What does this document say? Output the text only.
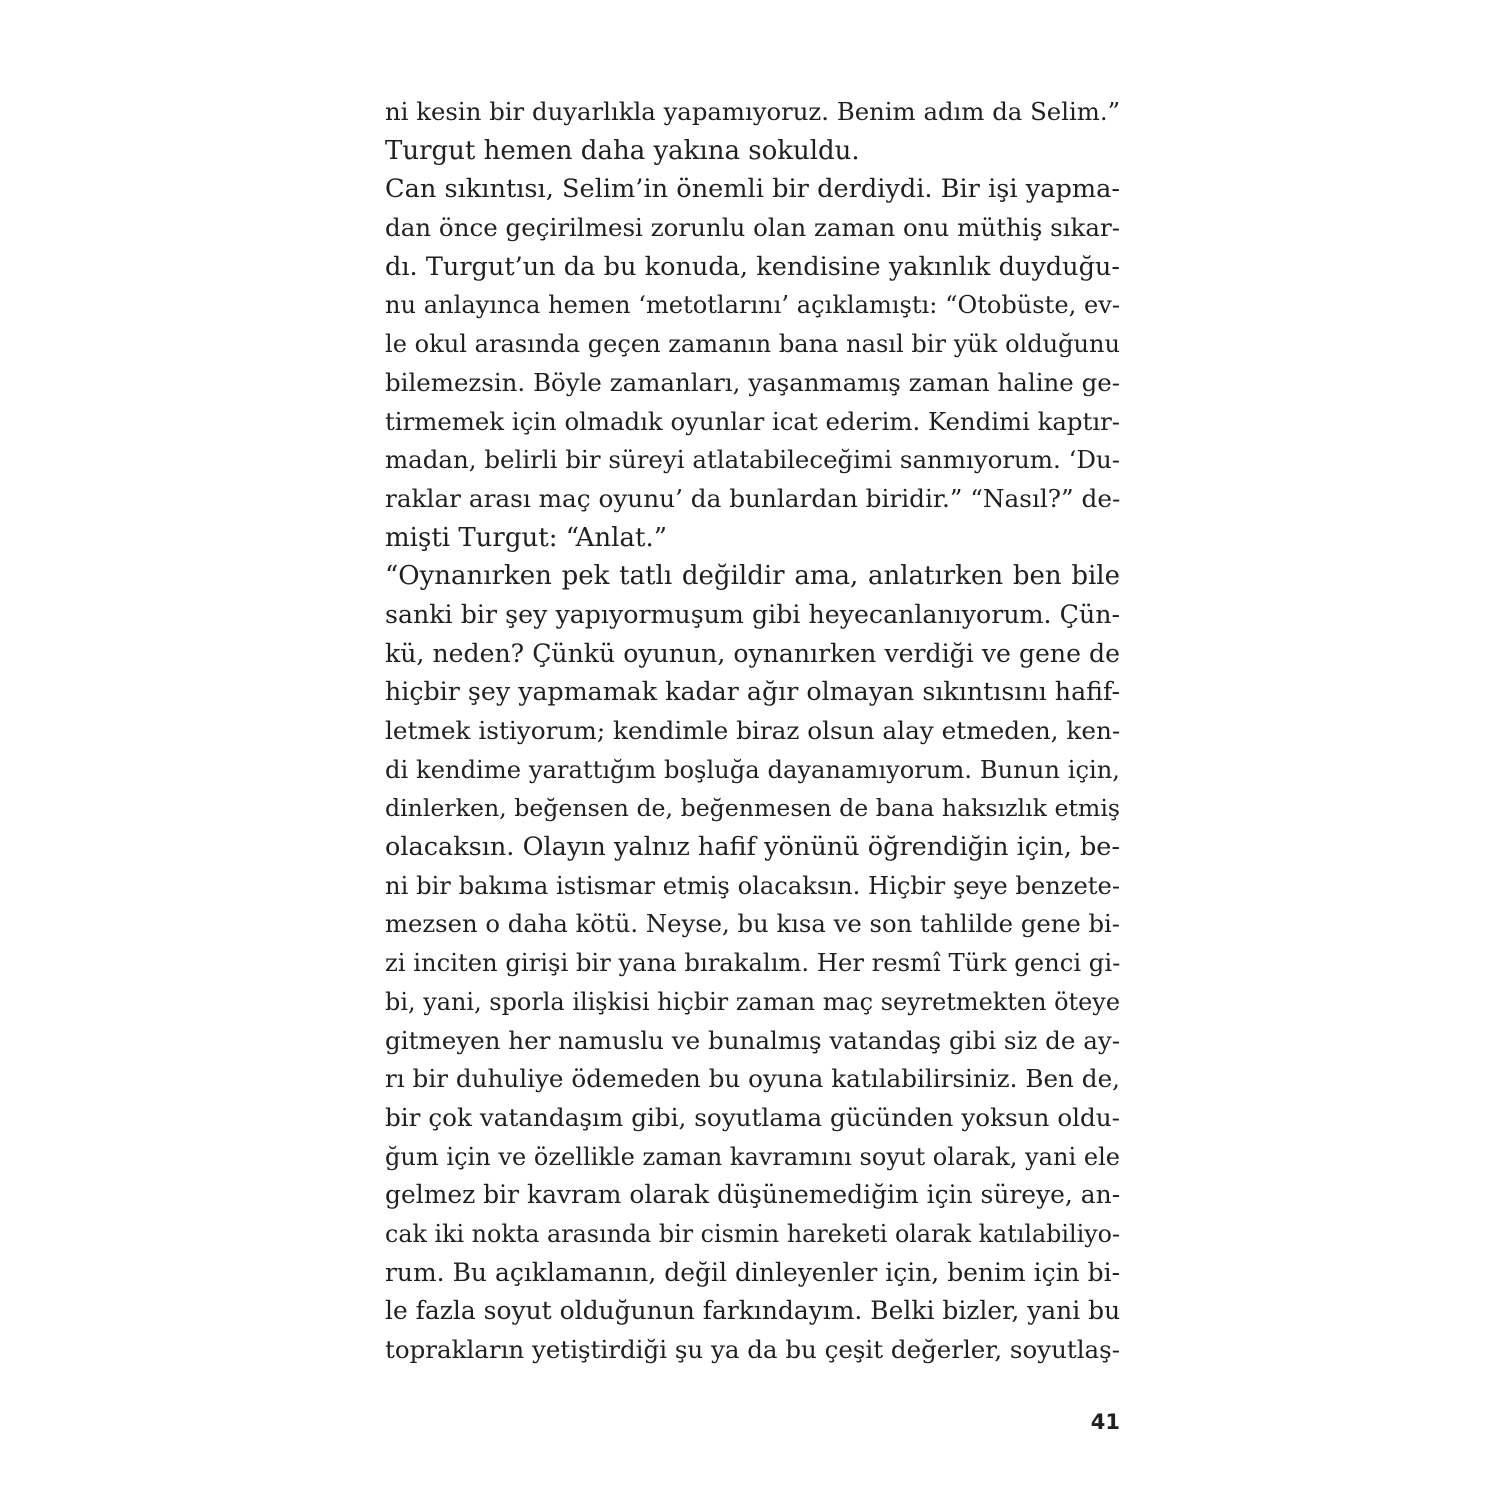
ni kesin bir duyarlıkla yapamıyoruz. Benim adım da Selim.”
Turgut hemen daha yakına sokuldu.
Can sıkıntısı, Selim’in önemli bir derdiydi. Bir işi yapma-
dan önce geçirilmesi zorunlu olan zaman onu müthiş sıkar-
dı. Turgut’un da bu konuda, kendisine yakınlık duyduğu-
nu anlayınca hemen ‘metotlarını’ açıklamıştı: “Otobüste, ev-
le okul arasında geçen zamanın bana nasıl bir yük olduğunu
bilemezsin. Böyle zamanları, yaşanmamış zaman haline ge-
tirmemek için olmadık oyunlar icat ederim. Kendimi kaptır-
madan, belirli bir süreyi atlatabileceğimi sanmıyorum. ‘Du-
raklar arası maç oyunu’ da bunlardan biridir.” “Nasıl?” de-
mişti Turgut: “Anlat.”
“Oynanırken pek tatlı değildir ama, anlatırken ben bile
sanki bir şey yapıyormuşum gibi heyecanlanıyorum. Çün-
kü, neden? Çünkü oyunun, oynanırken verdiği ve gene de
hiçbir şey yapmamak kadar ağır olmayan sıkıntısını hafif-
letmek istiyorum; kendimle biraz olsun alay etmeden, ken-
di kendime yarattığım boşluğa dayanamıyorum. Bunun için,
dinlerken, beğensen de, beğenmesen de bana haksızlık etmiş
olacaksın. Olayın yalnız hafif yönünü öğrendiğin için, be-
ni bir bakıma istismar etmiş olacaksın. Hiçbir şeye benzete-
mezsen o daha kötü. Neyse, bu kısa ve son tahlilde gene bi-
zi inciten girişi bir yana bırakalım. Her resmî Türk genci gi-
bi, yani, sporla ilişkisi hiçbir zaman maç seyretmekten öteye
gitmeyen her namuslu ve bunalmış vatandaş gibi siz de ay-
rı bir duhuliye ödemeden bu oyuna katılabilirsiniz. Ben de,
bir çok vatandaşım gibi, soyutlama gücünden yoksun oldu-
ğum için ve özellikle zaman kavramını soyut olarak, yani ele
gelmez bir kavram olarak düşünemediğim için süreye, an-
cak iki nokta arasında bir cismin hareketi olarak katılabiliyo-
rum. Bu açıklamanın, değil dinleyenler için, benim için bi-
le fazla soyut olduğunun farkındayım. Belki bizler, yani bu
toprakların yetiştirdiği şu ya da bu çeşit değerler, soyutlaş-
41
